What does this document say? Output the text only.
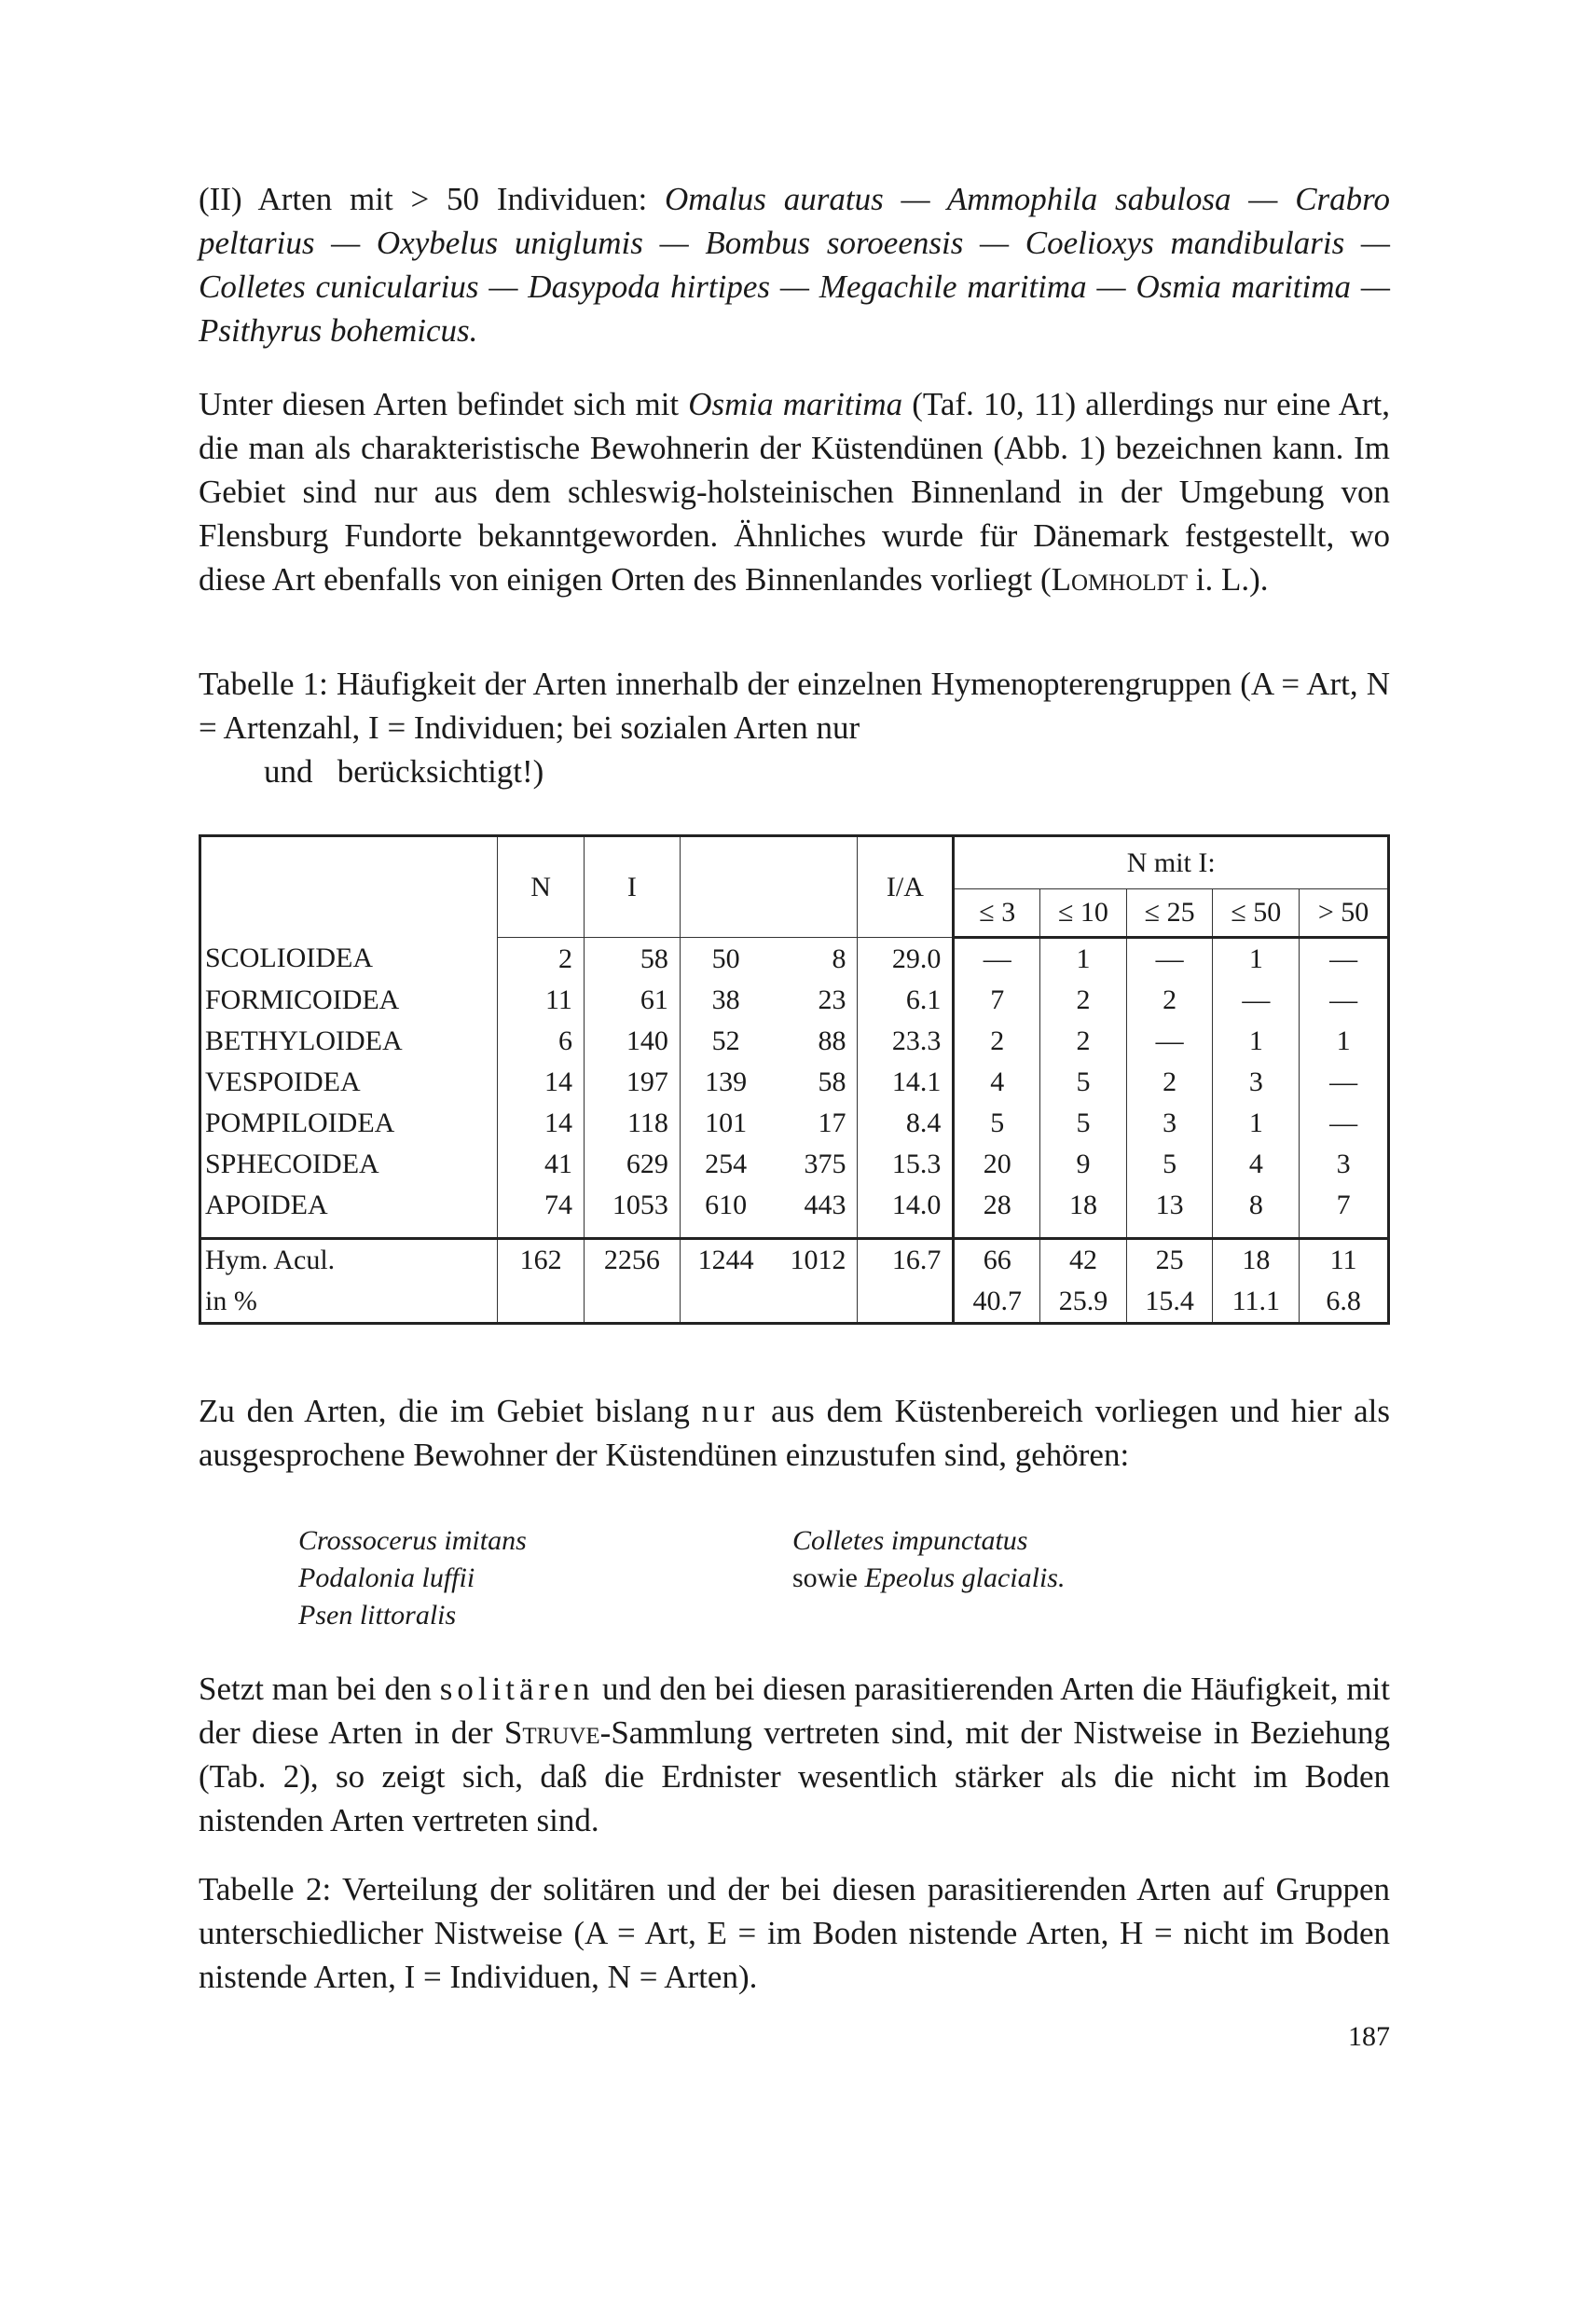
(II) Arten mit > 50 Individuen: Omalus auratus — Ammophila sabulosa — Crabro peltarius — Oxybelus uniglumis — Bombus soroeensis — Coelioxys mandibularis — Colletes cunicularius — Dasypoda hirtipes — Megachile maritima — Osmia maritima — Psithyrus bohemicus.

Unter diesen Arten befindet sich mit Osmia maritima (Taf. 10, 11) allerdings nur eine Art, die man als charakteristische Bewohnerin der Küstendünen (Abb. 1) bezeichnen kann. Im Gebiet sind nur aus dem schleswig-holsteinischen Binnenland in der Umgebung von Flensburg Fundorte bekanntgeworden. Ähnliches wurde für Dänemark festgestellt, wo diese Art ebenfalls von einigen Orten des Binnenlandes vorliegt (Lomholdt i. L.).

Tabelle 1: Häufigkeit der Arten innerhalb der einzelnen Hymenopterengruppen (A = Art, N = Artenzahl, I = Individuen; bei sozialen Arten nur

und   berücksichtigt!)

	N	I			I/A	N mit I:				
						≤ 3	≤ 10	≤ 25	≤ 50	> 50
SCOLIOIDEA	2	58	50	8	29.0	—	1	—	1	—
FORMICOIDEA	11	61	38	23	6.1	7	2	2	—	—
BETHYLOIDEA	6	140	52	88	23.3	2	2	—	1	1
VESPOIDEA	14	197	139	58	14.1	4	5	2	3	—
POMPILOIDEA	14	118	101	17	8.4	5	5	3	1	—
SPHECOIDEA	41	629	254	375	15.3	20	9	5	4	3
APOIDEA	74	1053	610	443	14.0	28	18	13	8	7

Hym. Acul.	162	2256	1244	1012	16.7	66	42	25	18	11
in %						40.7	25.9	15.4	11.1	6.8

Zu den Arten, die im Gebiet bislang nur aus dem Küstenbereich vorliegen und hier als ausgesprochene Bewohner der Küstendünen einzustufen sind, gehören:

Crossocerus imitans
Podalonia luffii
Psen littoralis
Colletes impunctatus
sowie Epeolus glacialis.

Setzt man bei den solitären und den bei diesen parasitierenden Arten die Häufigkeit, mit der diese Arten in der Struve-Sammlung vertreten sind, mit der Nistweise in Beziehung (Tab. 2), so zeigt sich, daß die Erdnister wesentlich stärker als die nicht im Boden nistenden Arten vertreten sind.

Tabelle 2: Verteilung der solitären und der bei diesen parasitierenden Arten auf Gruppen unterschiedlicher Nistweise (A = Art, E = im Boden nistende Arten, H = nicht im Boden nistende Arten, I = Individuen, N = Arten).

187
